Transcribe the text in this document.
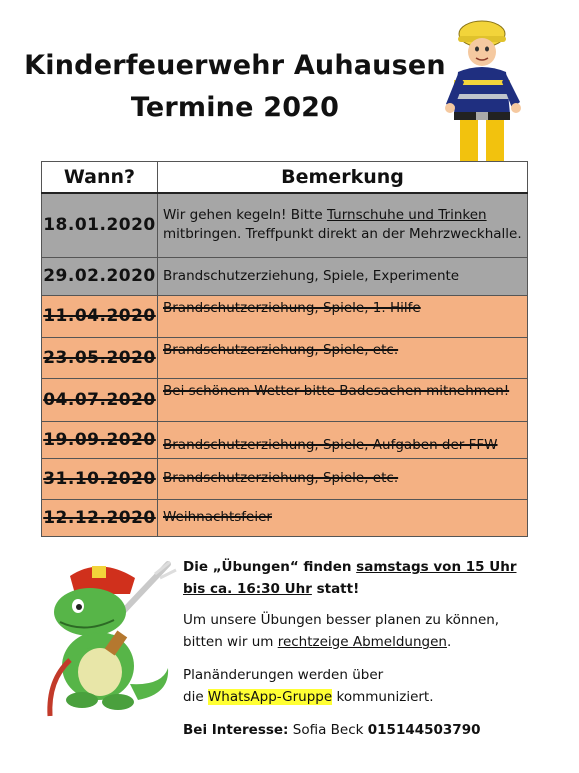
Kinderfeuerwehr Auhausen
Termine 2020
Wann?	Bemerkung
18.01.2020	Wir gehen kegeln! Bitte Turnschuhe und Trinken mitbringen. Treffpunkt direkt an der Mehrzweckhalle.
29.02.2020	Brandschutzerziehung, Spiele, Experimente
11.04.2020	Brandschutzerziehung, Spiele, 1. Hilfe
23.05.2020	Brandschutzerziehung, Spiele, etc.
04.07.2020	Bei schönem Wetter bitte Badesachen mitnehmen!
19.09.2020	Brandschutzerziehung, Spiele, Aufgaben der FFW
31.10.2020	Brandschutzerziehung, Spiele, etc.
12.12.2020	Weihnachtsfeier
Die „Übungen“ finden samstags von 15 Uhr
bis ca. 16:30 Uhr statt!
Um unsere Übungen besser planen zu können,
bitten wir um rechtzeige Abmeldungen.
Planänderungen werden über
die WhatsApp-Gruppe kommuniziert.
Bei Interesse: Sofia Beck 015144503790
